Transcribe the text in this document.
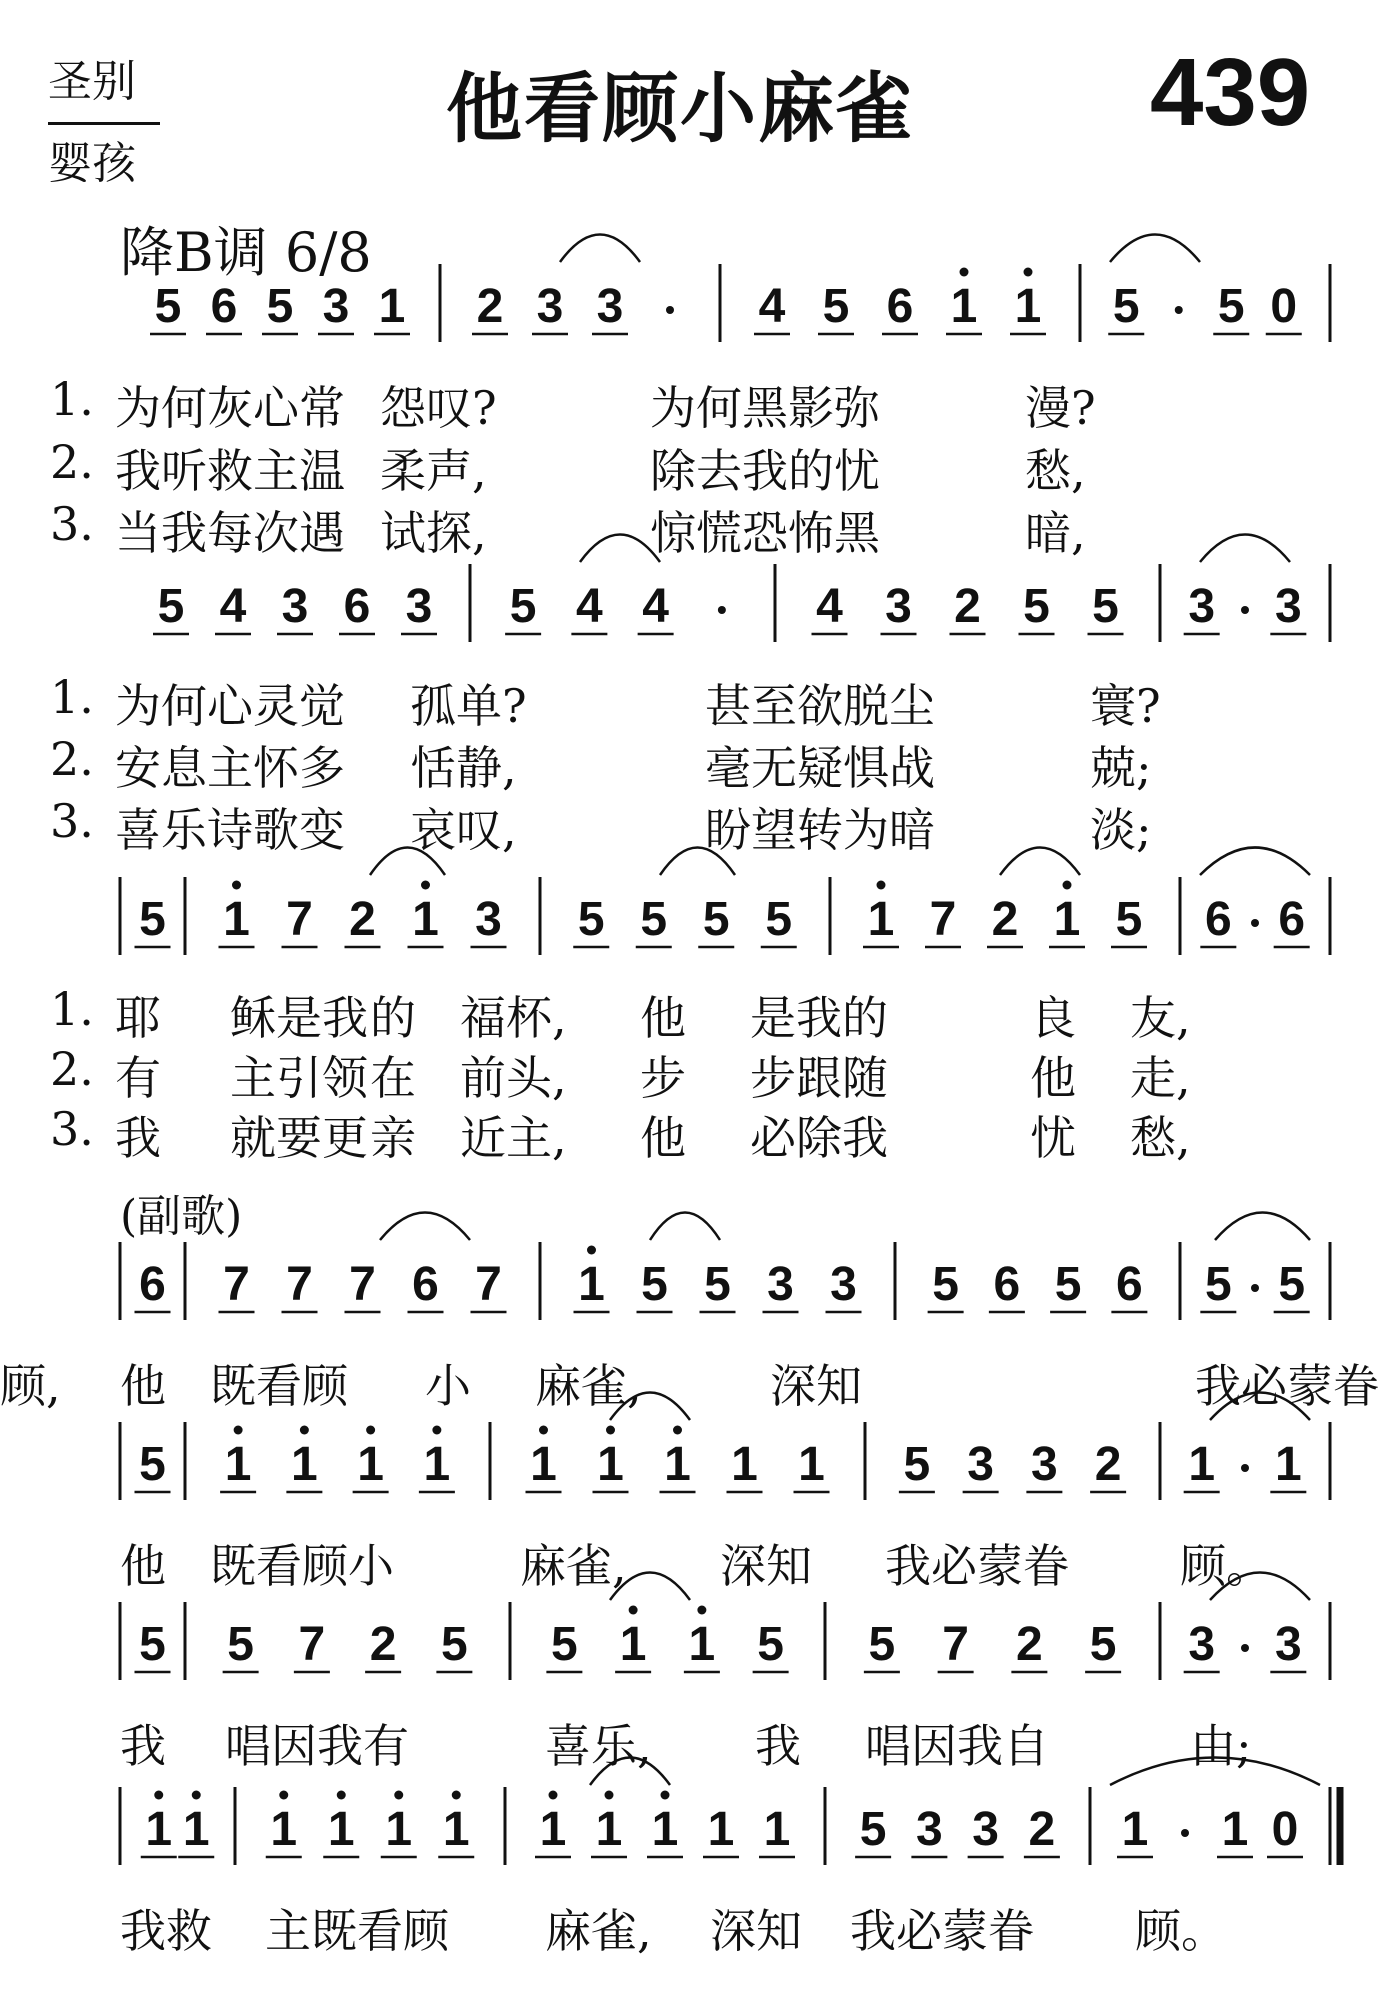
圣别
婴孩
他看顾小麻雀	439
降B调 6/8
(副歌)
5 6 5 3 1 2 3 3	4 5 6 1 1 5 5 0
5 4 3 6 3 5 4 4	4 3 2 5 5 3 3
5 1 7 2 1 3 5 5 5 5 1 7 2 1 5 6 6
6 7 7 7 6 7 1 5 5 3 3 5 6 5 6 5 5
5 1 1 1 1 1 1 1 1 1 5 3 3 2 1 1
5 5 7 2 5 5 1 1 5 5 7 2 5 3 3
1 1 1 1 1 1 1 1 1 1 1 5 3 3 2 1 1 0
1. 为何灰心常 怨叹?	为何黑影弥	漫?
2. 我听救主温 柔声,	除去我的忧	愁,
3. 当我每次遇 试探,	惊慌恐怖黑	暗,
1. 为何心灵觉 孤单?	甚至欲脱尘	寰?
2. 安息主怀多 恬静,	毫无疑惧战	兢;
3. 喜乐诗歌变 哀叹,	盼望转为暗	淡;
1. 耶 稣是我 的 福杯, 他 是我的	良 友,
2. 有 主引领 在 前头, 步 步跟随	他 走,
3. 我 就要更 亲 近主, 他 必除我	忧 愁,
他 既看顾 小 麻雀,	深知	我必蒙眷
顾,
他 既看顾小	麻雀, 深知 我必蒙眷 顾。
我 唱因我有	喜乐, 我 唱因我自	由;
我救 主既看顾 麻雀, 深知 我必蒙眷 顾。
